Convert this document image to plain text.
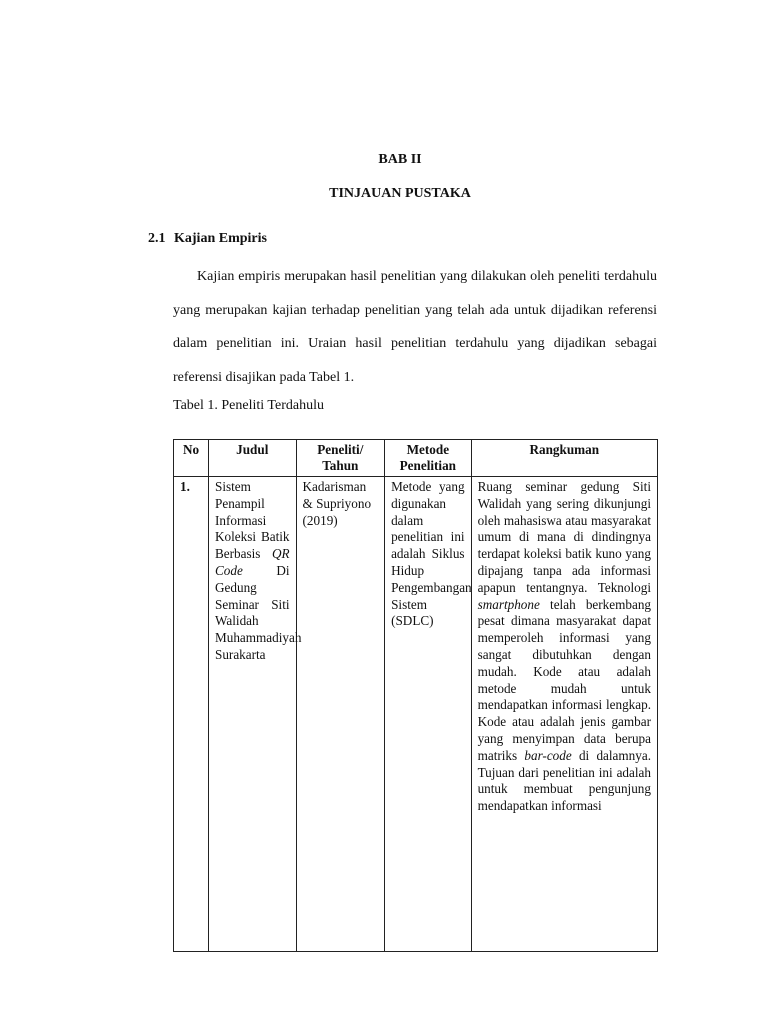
BAB II
TINJAUAN PUSTAKA
2.1 Kajian Empiris

Kajian empiris merupakan hasil penelitian yang dilakukan oleh peneliti terdahulu yang merupakan kajian terhadap penelitian yang telah ada untuk dijadikan referensi dalam penelitian ini. Uraian hasil penelitian terdahulu yang dijadikan sebagai referensi disajikan pada Tabel 1.

Tabel 1. Peneliti Terdahulu
No	Judul	Peneliti/ Tahun	Metode Penelitian	Rangkuman
1.	Sistem Penampil Informasi Koleksi Batik Berbasis QR Code Di Gedung Seminar Siti Walidah Muhammadiyah Surakarta	Kadarisman & Supriyono (2019)	Metode yang digunakan dalam penelitian ini adalah Siklus Hidup Pengembangan Sistem (SDLC)	Ruang seminar gedung Siti Walidah yang sering dikunjungi oleh mahasiswa atau masyarakat umum di mana di dindingnya terdapat koleksi batik kuno yang dipajang tanpa ada informasi apapun tentangnya. Teknologi smartphone telah berkembang pesat dimana masyarakat dapat memperoleh informasi yang sangat dibutuhkan dengan mudah. Kode atau adalah metode mudah untuk mendapatkan informasi lengkap. Kode atau adalah jenis gambar yang menyimpan data berupa matriks bar-code di dalamnya. Tujuan dari penelitian ini adalah untuk membuat pengunjung mendapatkan informasi
